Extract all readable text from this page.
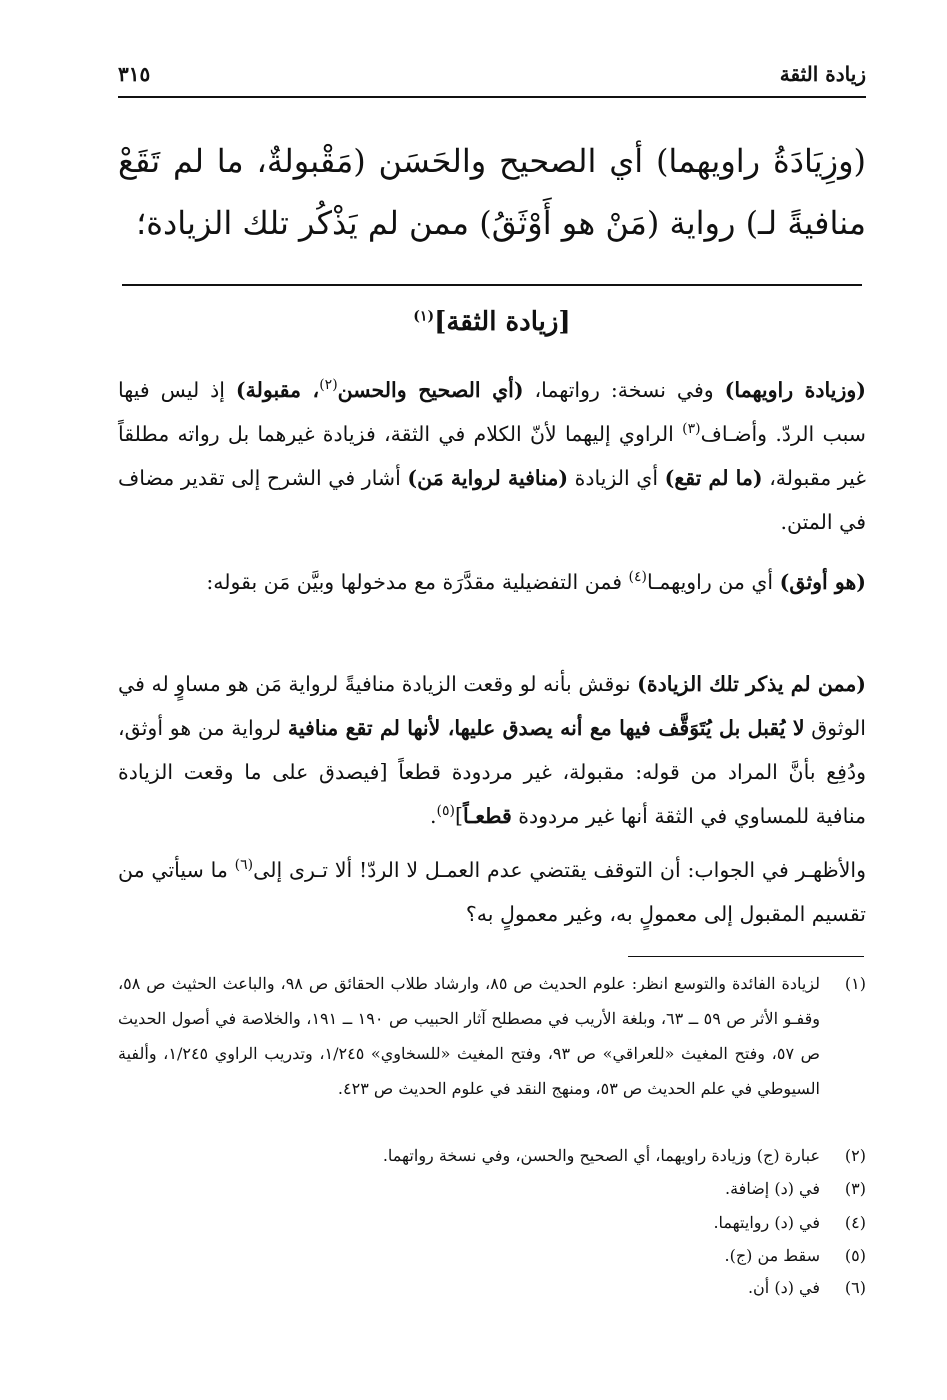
زيادة الثقة
٣١٥
(وزِيَادَةُ راويهما) أي الصحيح والحَسَن (مَقْبولةٌ، ما لم تَقَعْ منافيةً لـ) رواية (مَنْ هو أَوْثَقُ) ممن لم يَذْكُر تلك الزيادة؛
[زيادة الثقة]$^{(١)}$
(وزيادة راويهما) وفي نسخة: رواتهما، (أي الصحيح والحسن$^{(٢)}$، مقبولة) إذ ليس فيها سبب الردّ. وأضـاف$^{(٣)}$ الراوي إليهما لأنّ الكلام في الثقة، فزيادة غيرهما بل رواته مطلقاً غير مقبولة، (ما لم تقع) أي الزيادة (منافية لرواية مَن) أشار في الشرح إلى تقدير مضاف في المتن.
(هو أوثق) أي من راويهمـا$^{(٤)}$ فمن التفضيلية مقدَّرَة مع مدخولها وبيَّن مَن بقوله:
(ممن لم يذكر تلك الزيادة) نوقش بأنه لو وقعت الزيادة منافيةً لرواية مَن هو مساوٍ له في الوثوق لا يُقبل بل يُتَوَقَّف فيها مع أنه يصدق عليها، لأنها لم تقع منافية لرواية من هو أوثق، ودُفِع بأنَّ المراد من قوله: مقبولة، غير مردودة قطعاً [فيصدق على ما وقعت الزيادة منافية للمساوي في الثقة أنها غير مردودة قطعـاً]$^{(٥)}$.
والأظهـر في الجواب: أن التوقف يقتضي عدم العمـل لا الردّ! ألا تـرى إلى$^{(٦)}$ ما سيأتي من تقسيم المقبول إلى معمولٍ به، وغير معمولٍ به؟
(١)
لزيادة الفائدة والتوسع انظر: علوم الحديث ص ٨٥، وارشاد طلاب الحقائق ص ٩٨، والباعث الحثيث ص ٥٨، وقفـو الأثر ص ٥٩ ــ ٦٣، وبلغة الأريب في مصطلح آثار الحبيب ص ١٩٠ ــ ١٩١، والخلاصة في أصول الحديث ص ٥٧، وفتح المغيث «للعراقي» ص ٩٣، وفتح المغيث «للسخاوي» ١/٢٤٥، وتدريب الراوي ١/٢٤٥، وألفية السيوطي في علم الحديث ص ٥٣، ومنهج النقد في علوم الحديث ص ٤٢٣.
(٢)
عبارة (ج) وزيادة راويهما، أي الصحيح والحسن، وفي نسخة رواتهما.
(٣)
في (د) إضافة.
(٤)
في (د) روايتهما.
(٥)
سقط من (ج).
(٦)
في (د) أن.
